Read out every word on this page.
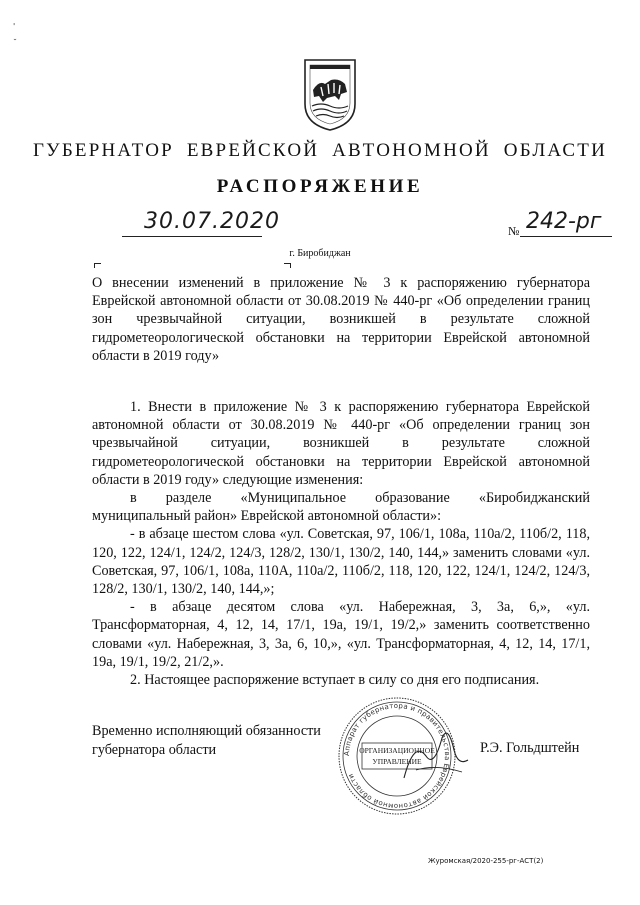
'
˘
ГУБЕРНАТОР ЕВРЕЙСКОЙ АВТОНОМНОЙ ОБЛАСТИ
РАСПОРЯЖЕНИЕ
30.07.2020	№ 242-рг
г. Биробиджан
О внесении изменений в приложение № 3 к распоряжению губернатора Еврейской автономной области от 30.08.2019 № 440-рг «Об определении границ зон чрезвычайной ситуации, возникшей в результате сложной гидрометеорологической обстановки на территории Еврейской автономной области в 2019 году»

1. Внести в приложение № 3 к распоряжению губернатора Еврейской автономной области от 30.08.2019 № 440-рг «Об определении границ зон чрезвычайной ситуации, возникшей в результате сложной гидрометеорологической обстановки на территории Еврейской автономной области в 2019 году» следующие изменения:

в разделе «Муниципальное образование «Биробиджанский муниципальный район» Еврейской автономной области»:

- в абзаце шестом слова «ул. Советская, 97, 106/1, 108а, 110а/2, 110б/2, 118, 120, 122, 124/1, 124/2, 124/3, 128/2, 130/1, 130/2, 140, 144,» заменить словами «ул. Советская, 97, 106/1, 108а, 110А, 110а/2, 110б/2, 118, 120, 122, 124/1, 124/2, 124/3, 128/2, 130/1, 130/2, 140, 144,»;

- в абзаце десятом слова «ул. Набережная, 3, 3а, 6,», «ул. Трансформаторная, 4, 12, 14, 17/1, 19а, 19/1, 19/2,» заменить соответственно словами «ул. Набережная, 3, 3а, 6, 10,», «ул. Трансформаторная, 4, 12, 14, 17/1, 19а, 19/1, 19/2, 21/2,».

2. Настоящее распоряжение вступает в силу со дня его подписания.

Временно исполняющий обязанности
губернатора области	Аппарат губернатора и правительства Еврейской автономной области
ОРГАНИЗАЦИОННОЕ
УПРАВЛЕНИЕ
Р.Э. Гольдштейн
Журомская/2020-255-рг-АСТ(2)
